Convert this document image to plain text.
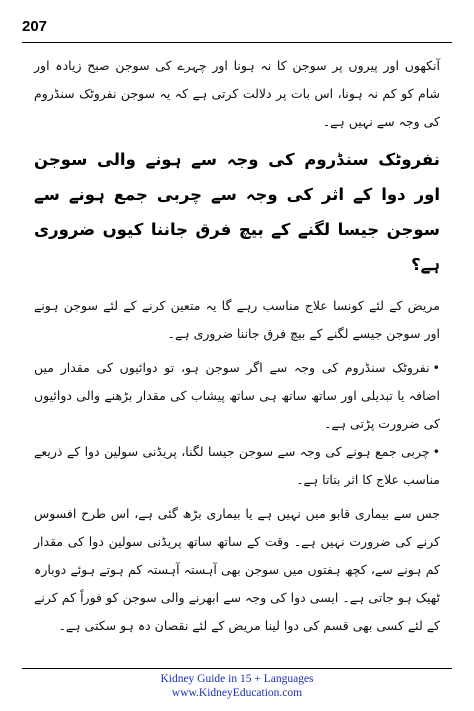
207

آنکھوں اور پیروں پر سوجن کا نہ ہونا اور چہرے کی سوجن صبح زیادہ اور شام کو کم نہ ہونا، اس بات پر دلالت کرتی ہے کہ یہ سوجن نفروٹک سنڈروم کی وجہ سے نہیں ہے۔

نفروٹک سنڈروم کی وجہ سے ہونے والی سوجن اور دوا کے اثر کی وجہ سے چربی جمع ہونے سے سوجن جیسا لگنے کے بیچ فرق جاننا کیوں ضروری ہے؟

مریض کے لئے کونسا علاج مناسب رہے گا یہ متعین کرنے کے لئے سوجن ہونے اور سوجن جیسے لگنے کے بیچ فرق جاننا ضروری ہے۔

•نفروٹک سنڈروم کی وجہ سے اگر سوجن ہو، تو دوائیوں کی مقدار میں اضافہ یا تبدیلی اور ساتھ ساتھ ہی ساتھ پیشاب کی مقدار بڑھنے والی دوائیوں کی ضرورت پڑتی ہے۔
•چربی جمع ہونے کی وجہ سے سوجن جیسا لگنا، پریڈنی سولین دوا کے ذریعے مناسب علاج کا اثر بتاتا ہے۔

جس سے بیماری قابو میں نہیں ہے یا بیماری بڑھ گئی ہے، اس طرح افسوس کرنے کی ضرورت نہیں ہے۔ وقت کے ساتھ ساتھ پریڈنی سولین دوا کی مقدار کم ہونے سے، کچھ ہفتوں میں سوجن بھی آہستہ آہستہ کم ہوتے ہوئے دوبارہ ٹھیک ہو جاتی ہے۔ ایسی دوا کی وجہ سے ابھرنے والی سوجن کو فوراً کم کرنے کے لئے کسی بھی قسم کی دوا لینا مریض کے لئے نقصان دہ ہو سکتی ہے۔

Kidney Guide in 15 + Languages
www.KidneyEducation.com
